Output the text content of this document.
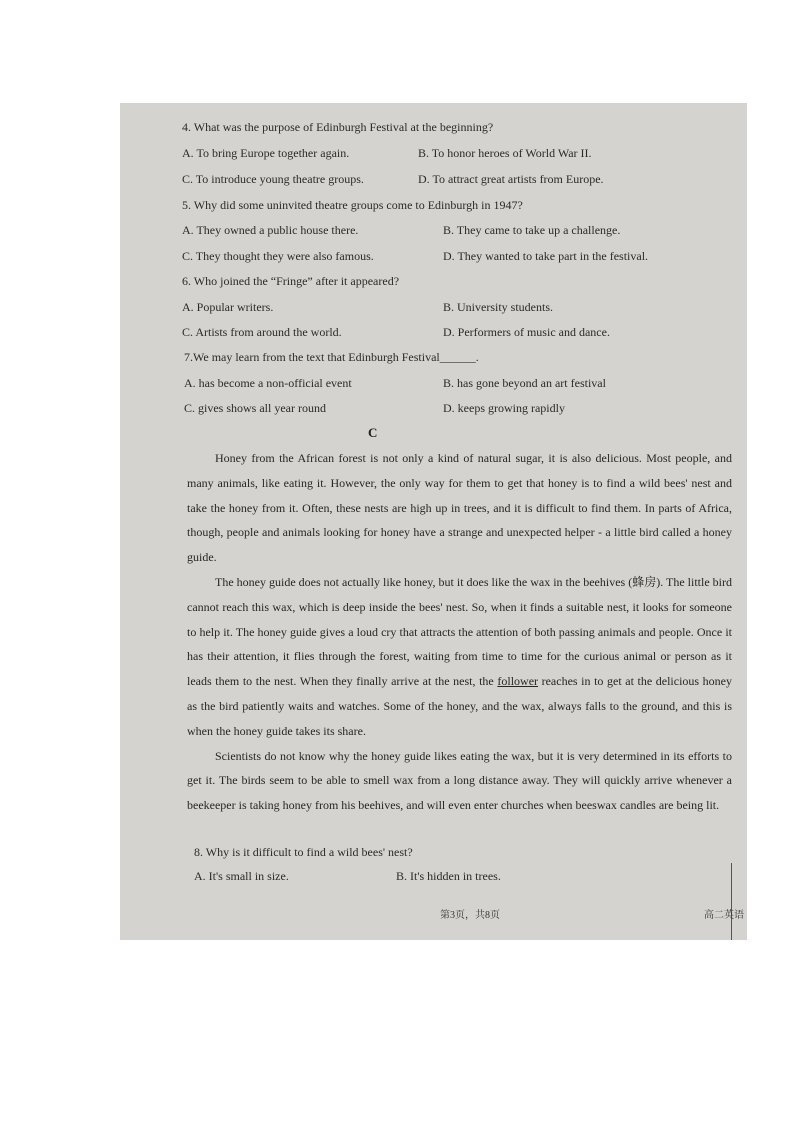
4. What was the purpose of Edinburgh Festival at the beginning?
A. To bring Europe together again.	B. To honor heroes of World War II.
C. To introduce young theatre groups.	D. To attract great artists from Europe.
5. Why did some uninvited theatre groups come to Edinburgh in 1947?
A. They owned a public house there.	B. They came to take up a challenge.
C. They thought they were also famous.	D. They wanted to take part in the festival.
6. Who joined the “Fringe” after it appeared?
A. Popular writers.	B. University students.
C. Artists from around the world.	D. Performers of music and dance.
7.We may learn from the text that Edinburgh Festival______.
A. has become a non-official event	B. has gone beyond an art festival
C. gives shows all year round	D. keeps growing rapidly
C

Honey from the African forest is not only a kind of natural sugar, it is also delicious. Most people, and many animals, like eating it. However, the only way for them to get that honey is to find a wild bees' nest and take the honey from it. Often, these nests are high up in trees, and it is difficult to find them. In parts of Africa, though, people and animals looking for honey have a strange and unexpected helper - a little bird called a honey guide.

The honey guide does not actually like honey, but it does like the wax in the beehives (蜂房). The little bird cannot reach this wax, which is deep inside the bees' nest. So, when it finds a suitable nest, it looks for someone to help it. The honey guide gives a loud cry that attracts the attention of both passing animals and people. Once it has their attention, it flies through the forest, waiting from time to time for the curious animal or person as it leads them to the nest. When they finally arrive at the nest, the follower reaches in to get at the delicious honey as the bird patiently waits and watches. Some of the honey, and the wax, always falls to the ground, and this is when the honey guide takes its share.

Scientists do not know why the honey guide likes eating the wax, but it is very determined in its efforts to get it. The birds seem to be able to smell wax from a long distance away. They will quickly arrive whenever a beekeeper is taking honey from his beehives, and will even enter churches when beeswax candles are being lit.

8. Why is it difficult to find a wild bees' nest?
A. It's small in size.	B. It's hidden in trees.
第3页，共8页	高二英语
